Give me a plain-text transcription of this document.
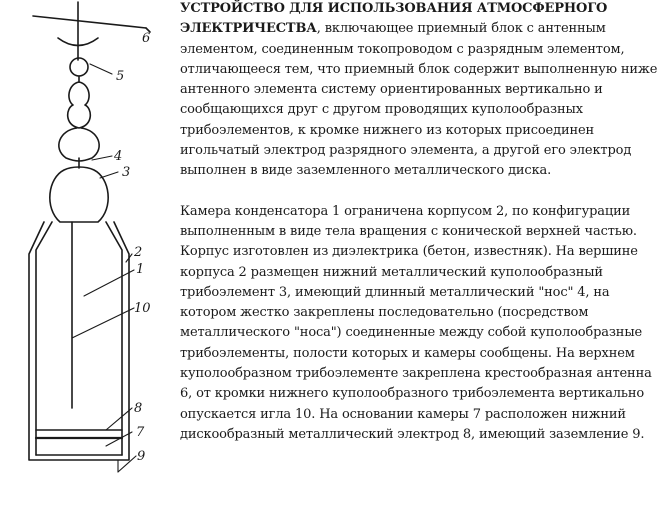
6
5
4
3
2
1
10
8
7
9

УСТРОЙСТВО ДЛЯ ИСПОЛЬЗОВАНИЯ АТМОСФЕРНОГО ЭЛЕКТРИЧЕСТВА, включающее приемный блок с антенным элементом, соединенным токопроводом с разрядным элементом, отличающееся тем, что приемный блок содержит выполненную ниже антенного элемента систему ориентированных вертикально и сообщающихся друг с другом проводящих куполообразных трибоэлементов, к кромке нижнего из которых присоединен игольчатый электрод разрядного элемента, а другой его электрод выполнен в виде заземленного металлического диска.

Камера конденсатора 1 ограничена корпусом 2, по конфигурации выполненным в виде тела вращения с конической верхней частью. Корпус изготовлен из диэлектрика (бетон, известняк). На вершине корпуса 2 размещен нижний металлический куполообразный трибоэлемент 3, имеющий длинный металлический "нос" 4, на котором жестко закреплены последовательно (посредством металлического "носа") соединенные между собой куполообразные трибоэлементы, полости которых и камеры сообщены. На верхнем куполообразном трибоэлементе закреплена крестообразная антенна 6, от кромки нижнего куполообразного трибоэлемента вертикально опускается игла 10. На основании камеры 7 расположен нижний дискообразный металлический электрод 8, имеющий заземление 9.
